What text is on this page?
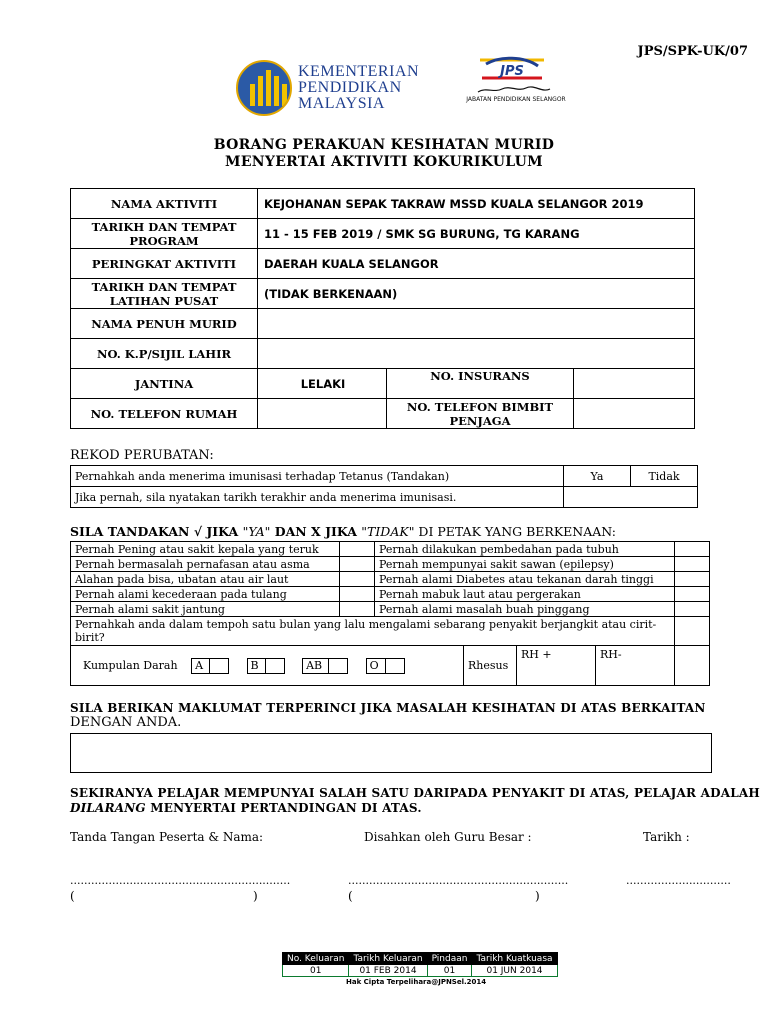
JPS/SPK-UK/07
KEMENTERIAN
PENDIDIKAN
MALAYSIA
JPS
JABATAN PENDIDIKAN SELANGOR
BORANG PERAKUAN KESIHATAN MURID
MENYERTAI AKTIVITI KOKURIKULUM
NAMA AKTIVITI	KEJOHANAN SEPAK TAKRAW MSSD KUALA SELANGOR 2019		
TARIKH DAN TEMPAT PROGRAM	11 - 15 FEB 2019 / SMK SG BURUNG, TG KARANG		
PERINGKAT AKTIVITI	DAERAH KUALA SELANGOR		
TARIKH DAN TEMPAT LATIHAN PUSAT	(TIDAK BERKENAAN)		
NAMA PENUH MURID			
NO. K.P/SIJIL LAHIR			
JANTINA	LELAKI	NO. INSURANS	
NO. TELEFON RUMAH		NO. TELEFON BIMBIT PENJAGA	
REKOD PERUBATAN:
Pernahkah anda menerima imunisasi terhadap Tetanus (Tandakan)	Ya	Tidak
Jika pernah, sila nyatakan tarikh terakhir anda menerima imunisasi.		
SILA TANDAKAN √ JIKA "YA" DAN X JIKA "TIDAK" DI PETAK YANG BERKENAAN:
Pernah Pening atau sakit kepala yang teruk		Pernah dilakukan pembedahan pada tubuh				
Pernah bermasalah pernafasan atau asma		Pernah mempunyai sakit sawan (epilepsy)				
Alahan pada bisa, ubatan atau air laut		Pernah alami Diabetes atau tekanan darah tinggi				
Pernah alami kecederaan pada tulang		Pernah mabuk laut atau pergerakan				
Pernah alami sakit jantung		Pernah alami masalah buah pinggang				
Pernahkah anda dalam tempoh satu bulan yang lalu mengalami sebarang penyakit berjangkit atau cirit-birit?						
Kumpulan Darah A B AB O			Rhesus	RH +	RH-	
SILA BERIKAN MAKLUMAT TERPERINCI JIKA MASALAH KESIHATAN DI ATAS BERKAITAN
DENGAN ANDA.
SEKIRANYA PELAJAR MEMPUNYAI SALAH SATU DARIPADA PENYAKIT DI ATAS, PELAJAR ADALAH
DILARANG MENYERTAI PERTANDINGAN DI ATAS.
Tanda Tangan Peserta & Nama:	Disahkan oleh Guru Besar :	Tarikh :
...............................................................	...............................................................	..............................
(	)	(	)
No. Keluaran	Tarikh Keluaran	Pindaan	Tarikh Kuatkuasa
01	01 FEB 2014	01	01 JUN 2014
Hak Cipta Terpelihara@JPNSel.2014
